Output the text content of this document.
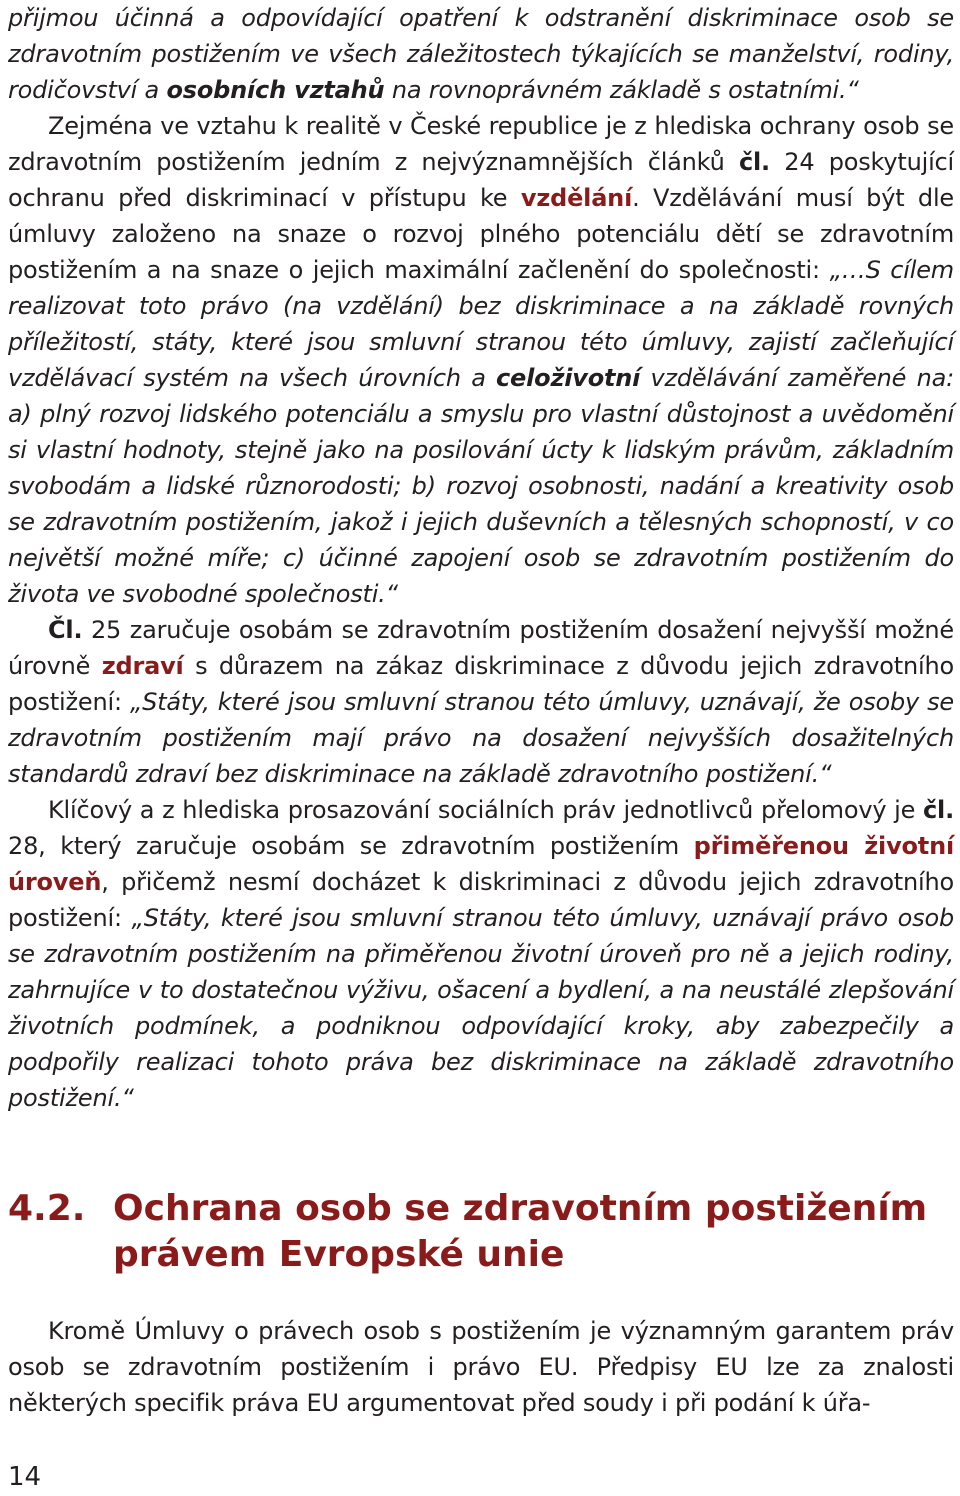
přijmou účinná a odpovídající opatření k odstranění diskriminace osob se zdravotním postižením ve všech záležitostech týkajících se manželství, rodiny, rodičovství a osobních vztahů na rovnoprávném základě s ostatními.“

Zejména ve vztahu k realitě v České republice je z hlediska ochrany osob se zdravotním postižením jedním z nejvýznamnějších článků čl. 24 poskytující ochranu před diskriminací v přístupu ke vzdělání. Vzdělávání musí být dle úmluvy založeno na snaze o rozvoj plného potenciálu dětí se zdravotním postižením a na snaze o jejich maximální začlenění do společnosti: „…S cílem realizovat toto právo (na vzdělání) bez diskriminace a na základě rovných příležitostí, státy, které jsou smluvní stranou této úmluvy, zajistí začleňující vzdělávací systém na všech úrovních a celoživotní vzdělávání zaměřené na: a) plný rozvoj lidského potenciálu a smyslu pro vlastní důstojnost a uvědomění si vlastní hodnoty, stejně jako na posilování úcty k lidským právům, základním svobodám a lidské různorodosti; b) rozvoj osobnosti, nadání a kreativity osob se zdravotním postižením, jakož i jejich duševních a tělesných schopností, v co největší možné míře; c) účinné zapojení osob se zdravotním postižením do života ve svobodné společnosti.“

Čl. 25 zaručuje osobám se zdravotním postižením dosažení nejvyšší možné úrovně zdraví s důrazem na zákaz diskriminace z důvodu jejich zdravotního postižení: „Státy, které jsou smluvní stranou této úmluvy, uznávají, že osoby se zdravotním postižením mají právo na dosažení nejvyšších dosažitelných standardů zdraví bez diskriminace na základě zdravotního postižení.“

Klíčový a z hlediska prosazování sociálních práv jednotlivců přelomový je čl. 28, který zaručuje osobám se zdravotním postižením přiměřenou životní úroveň, přičemž nesmí docházet k diskriminaci z důvodu jejich zdravotního postižení: „Státy, které jsou smluvní stranou této úmluvy, uznávají právo osob se zdravotním postižením na přiměřenou životní úroveň pro ně a jejich rodiny, zahrnujíce v to dostatečnou výživu, ošacení a bydlení, a na neustálé zlepšování životních podmínek, a podniknou odpovídající kroky, aby zabezpečily a podpořily realizaci tohoto práva bez diskriminace na základě zdravotního postižení.“

4.2. Ochrana osob se zdravotním postižením právem Evropské unie

Kromě Úmluvy o právech osob s postižením je významným garantem práv osob se zdravotním postižením i právo EU. Předpisy EU lze za znalosti některých specifik práva EU argumentovat před soudy i při podání k úřa-

14
